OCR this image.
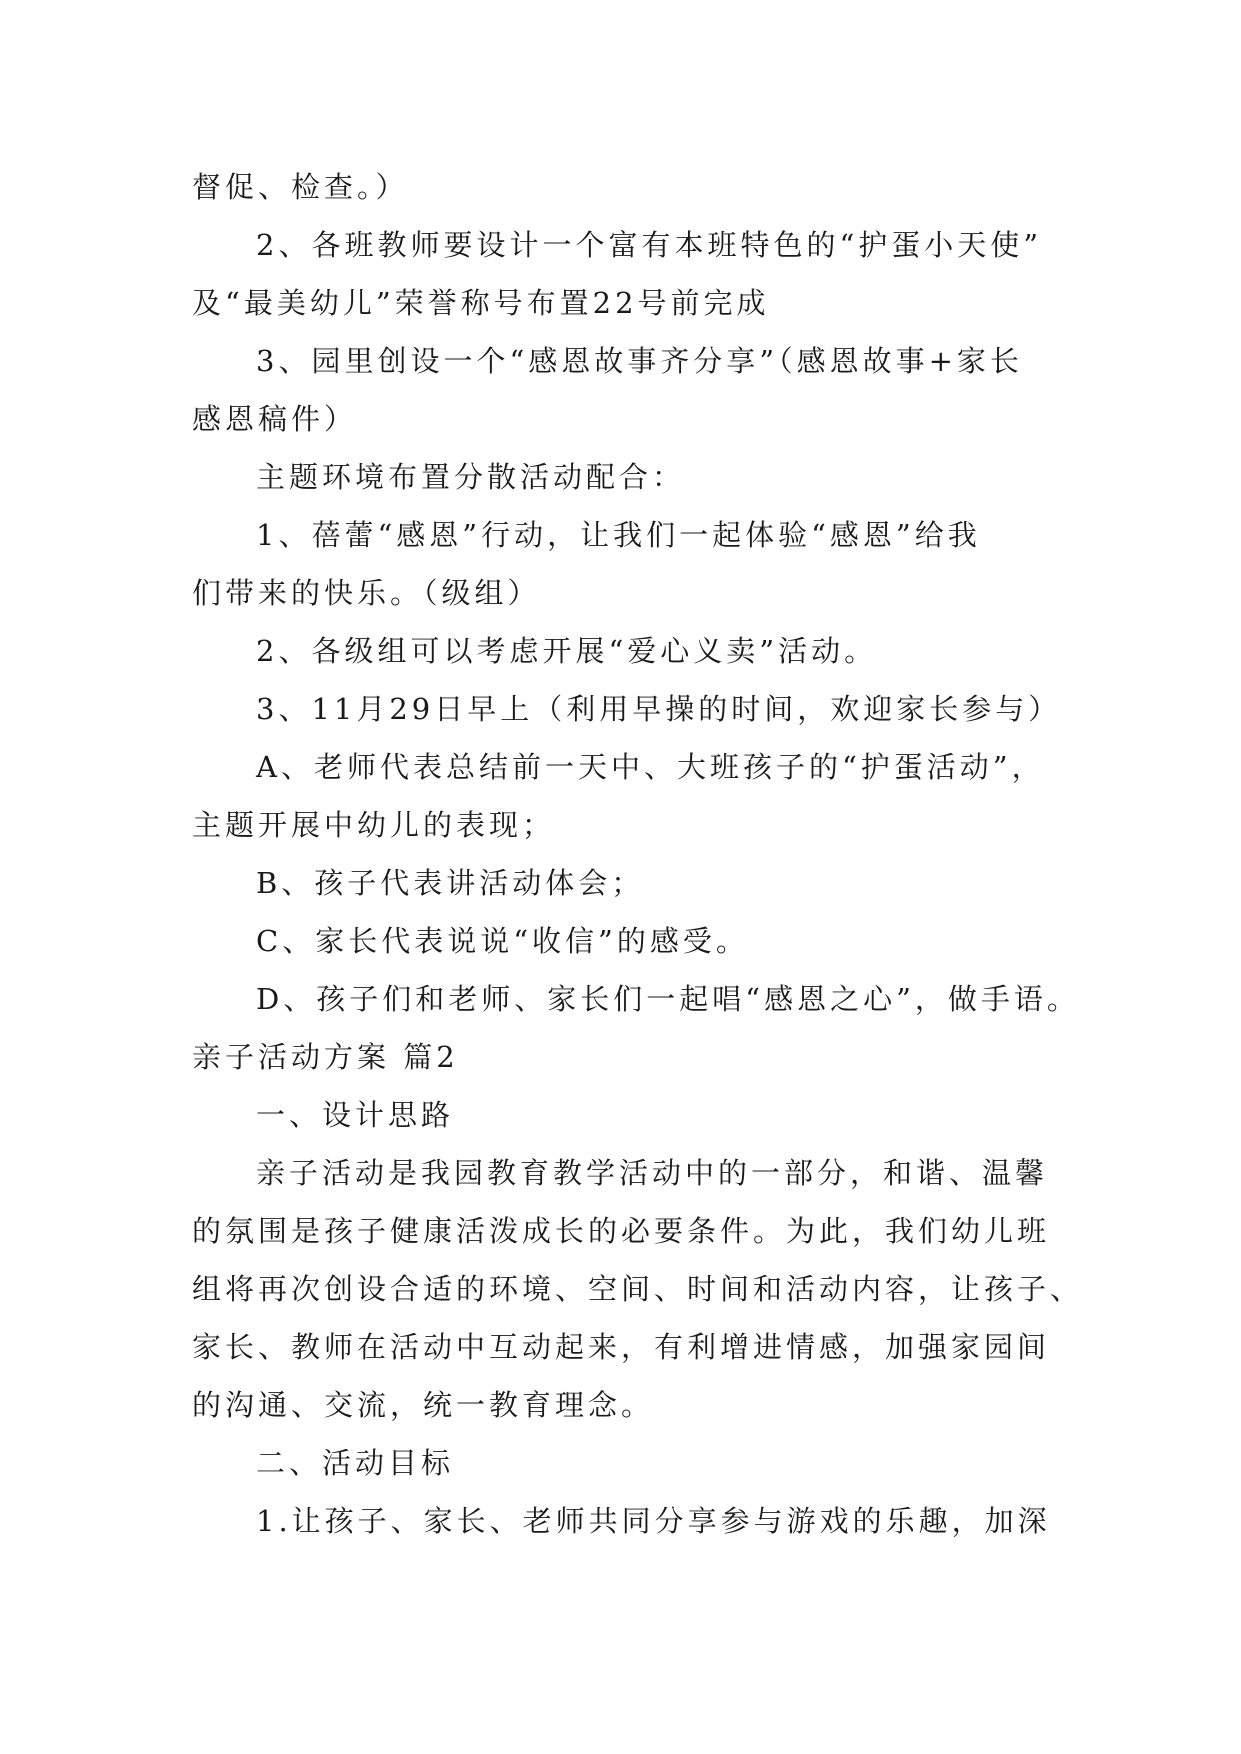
督促、检查。）
2、各班教师要设计一个富有本班特色的“护蛋小天使”
及“最美幼儿”荣誉称号布置22号前完成
3、园里创设一个“感恩故事齐分享”（感恩故事+家长
感恩稿件）
主题环境布置分散活动配合：
1、蓓蕾“感恩”行动，让我们一起体验“感恩”给我
们带来的快乐。（级组）
2、各级组可以考虑开展“爱心义卖”活动。
3、11月29日早上（利用早操的时间，欢迎家长参与）
A、老师代表总结前一天中、大班孩子的“护蛋活动”，
主题开展中幼儿的表现；
B、孩子代表讲活动体会；
C、家长代表说说“收信”的感受。
D、孩子们和老师、家长们一起唱“感恩之心”，做手语。
亲子活动方案 篇2
一、设计思路
亲子活动是我园教育教学活动中的一部分，和谐、温馨
的氛围是孩子健康活泼成长的必要条件。为此，我们幼儿班
组将再次创设合适的环境、空间、时间和活动内容，让孩子、
家长、教师在活动中互动起来，有利增进情感，加强家园间
的沟通、交流，统一教育理念。
二、活动目标
1.让孩子、家长、老师共同分享参与游戏的乐趣，加深
